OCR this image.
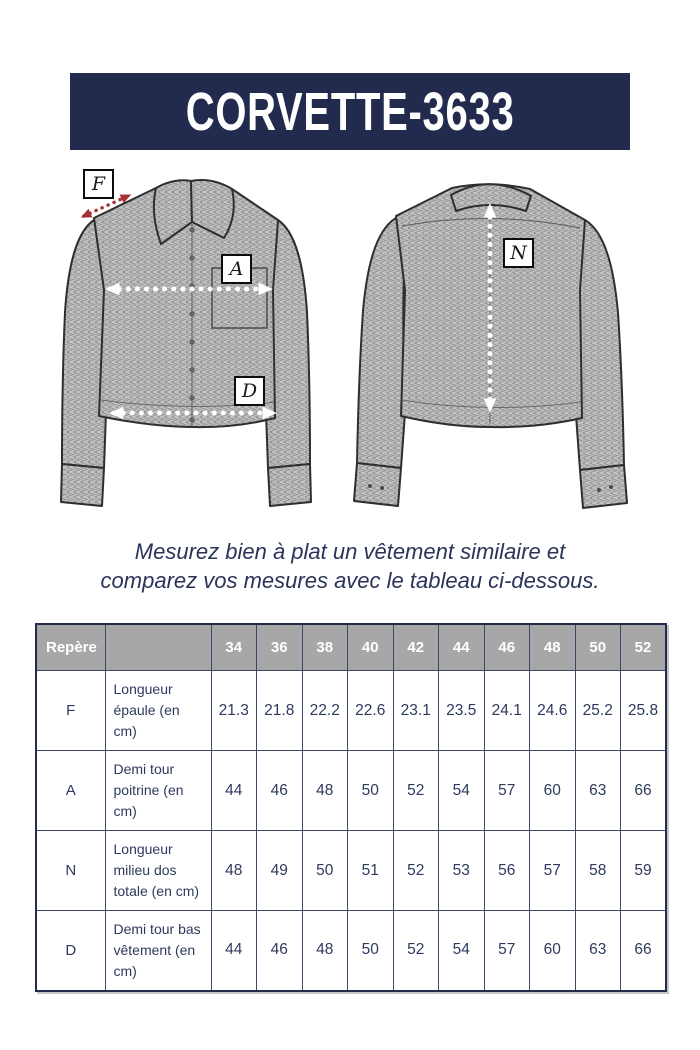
CORVETTE-3633
F
A
D
N
Mesurez bien à plat un vêtement similaire et
comparez vos mesures avec le tableau ci-dessous.
Repère		34	36	38	40	42	44	46	48	50	52
F	Longueur épaule (en cm)	21.3	21.8	22.2	22.6	23.1	23.5	24.1	24.6	25.2	25.8
A	Demi tour poitrine (en cm)	44	46	48	50	52	54	57	60	63	66
N	Longueur milieu dos totale (en cm)	48	49	50	51	52	53	56	57	58	59
D	Demi tour bas vêtement (en cm)	44	46	48	50	52	54	57	60	63	66
